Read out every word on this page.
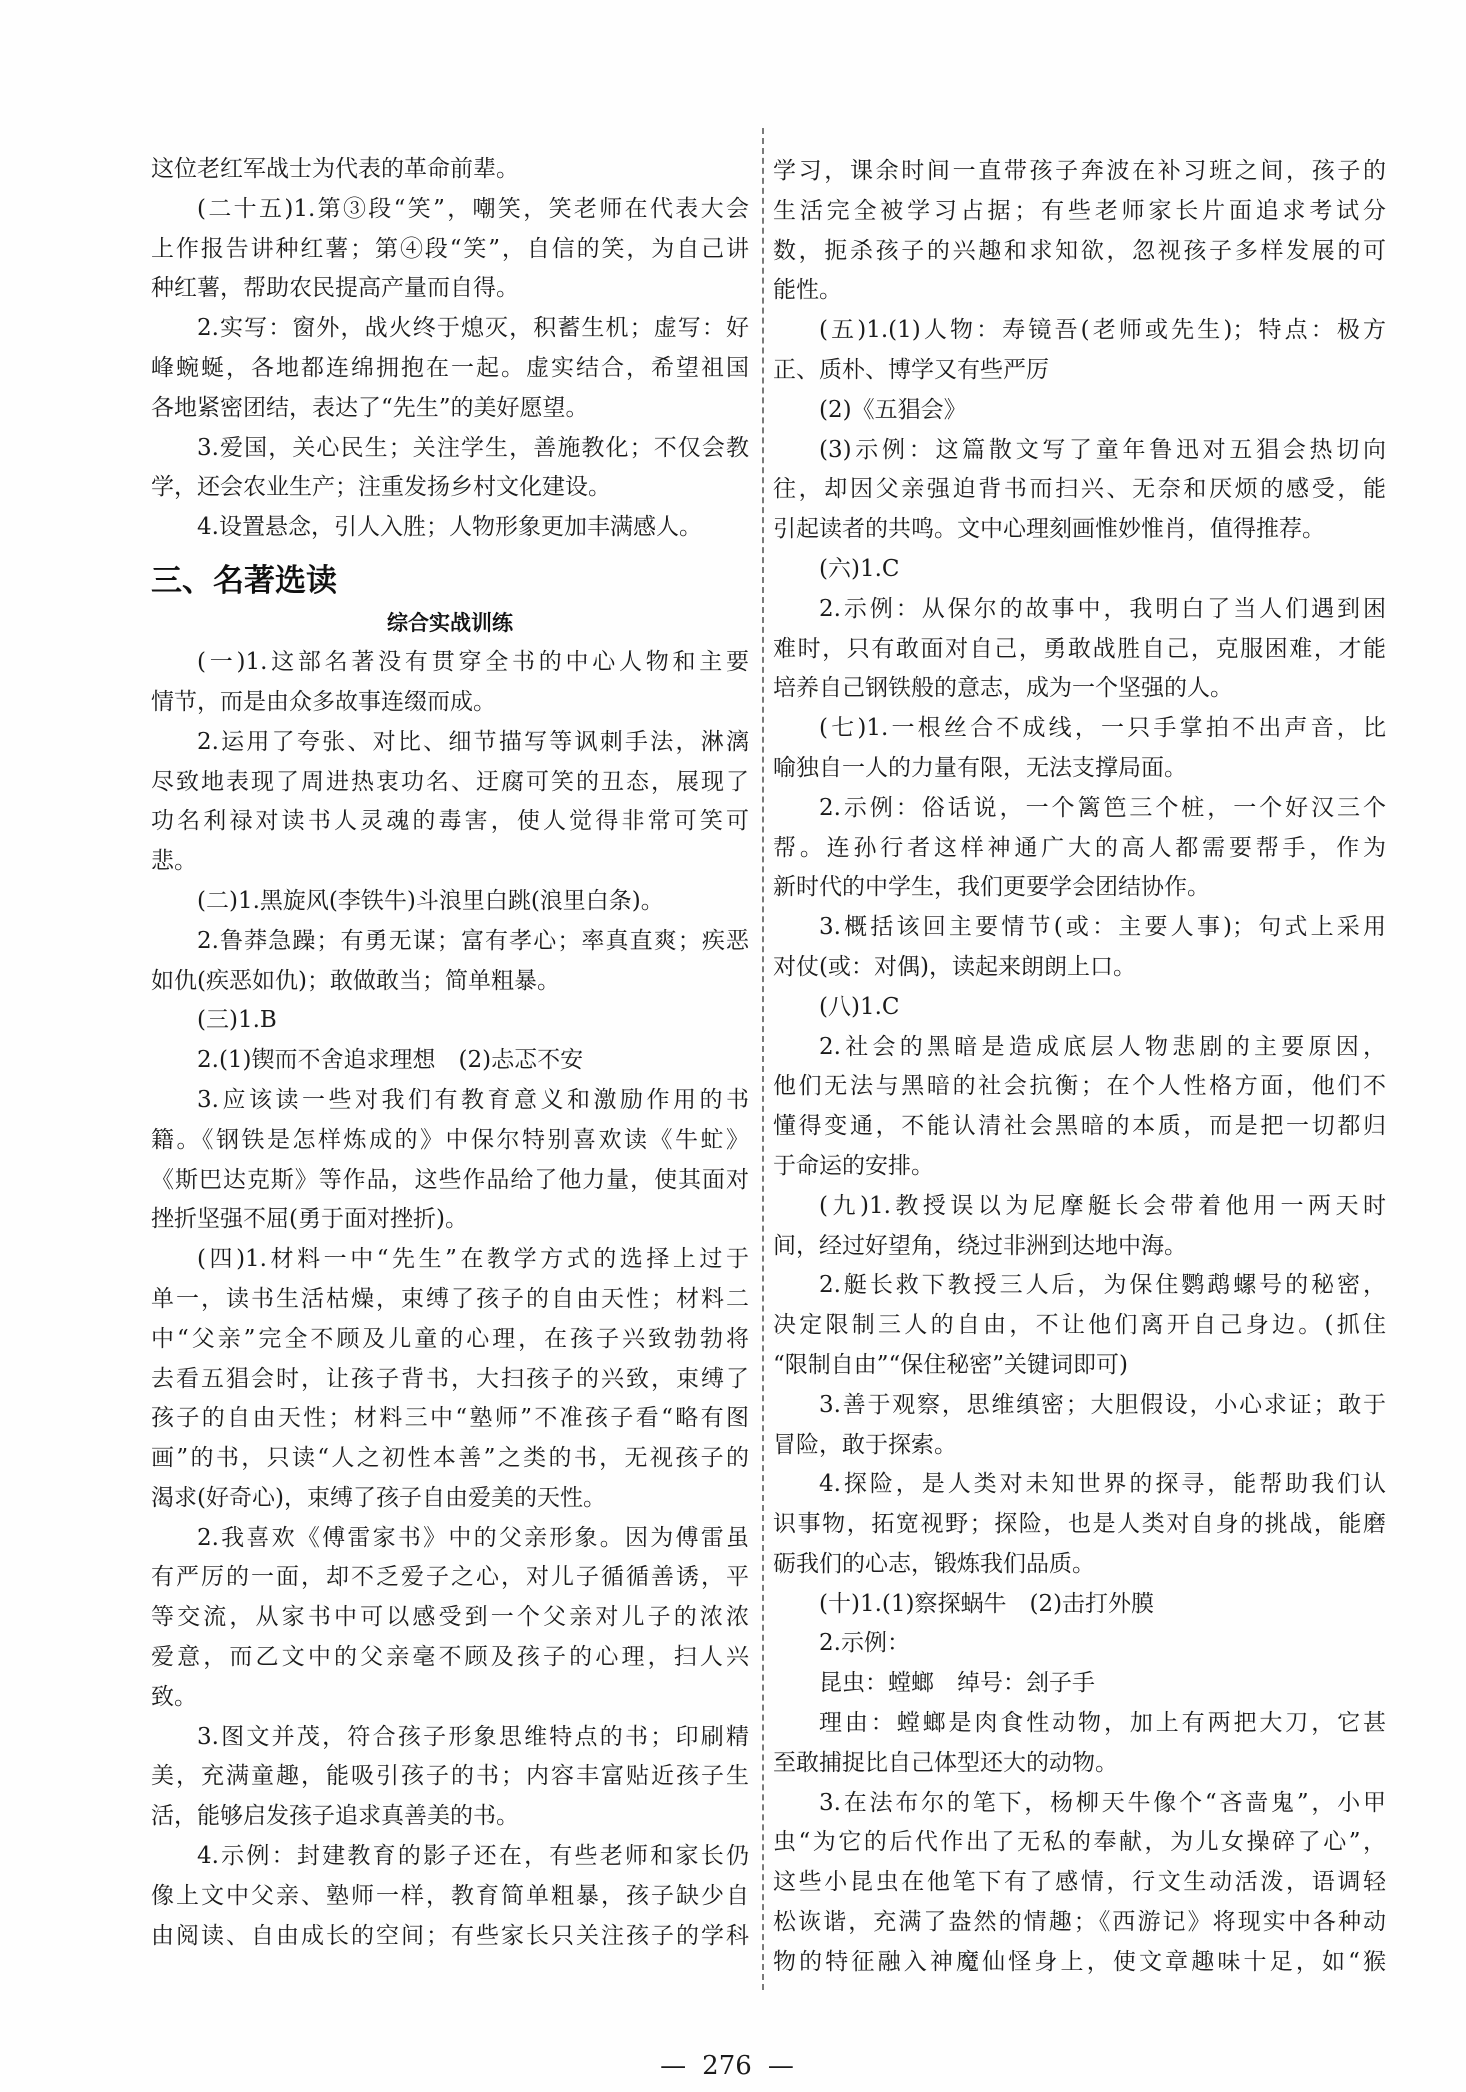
这位老红军战士为代表的革命前辈。
(二十五)1.第③段“笑”，嘲笑，笑老师在代表大会
上作报告讲种红薯；第④段“笑”，自信的笑，为自己讲
种红薯，帮助农民提高产量而自得。
2.实写：窗外，战火终于熄灭，积蓄生机；虚写：好
峰蜿蜒，各地都连绵拥抱在一起。虚实结合，希望祖国
各地紧密团结，表达了“先生”的美好愿望。
3.爱国，关心民生；关注学生，善施教化；不仅会教
学，还会农业生产；注重发扬乡村文化建设。
4.设置悬念，引人入胜；人物形象更加丰满感人。
三、名著选读
综合实战训练
(一)1.这部名著没有贯穿全书的中心人物和主要
情节，而是由众多故事连缀而成。
2.运用了夸张、对比、细节描写等讽刺手法，淋漓
尽致地表现了周进热衷功名、迂腐可笑的丑态，展现了
功名利禄对读书人灵魂的毒害，使人觉得非常可笑可
悲。
(二)1.黑旋风(李铁牛)斗浪里白跳(浪里白条)。
2.鲁莽急躁；有勇无谋；富有孝心；率真直爽；疾恶
如仇(疾恶如仇)；敢做敢当；简单粗暴。
(三)1.B
2.(1)锲而不舍追求理想　(2)忐忑不安
3.应该读一些对我们有教育意义和激励作用的书
籍。《钢铁是怎样炼成的》中保尔特别喜欢读《牛虻》
《斯巴达克斯》等作品，这些作品给了他力量，使其面对
挫折坚强不屈(勇于面对挫折)。
(四)1.材料一中“先生”在教学方式的选择上过于
单一，读书生活枯燥，束缚了孩子的自由天性；材料二
中“父亲”完全不顾及儿童的心理，在孩子兴致勃勃将
去看五猖会时，让孩子背书，大扫孩子的兴致，束缚了
孩子的自由天性；材料三中“塾师”不准孩子看“略有图
画”的书，只读“人之初性本善”之类的书，无视孩子的
渴求(好奇心)，束缚了孩子自由爱美的天性。
2.我喜欢《傅雷家书》中的父亲形象。因为傅雷虽
有严厉的一面，却不乏爱子之心，对儿子循循善诱，平
等交流，从家书中可以感受到一个父亲对儿子的浓浓
爱意，而乙文中的父亲毫不顾及孩子的心理，扫人兴
致。
3.图文并茂，符合孩子形象思维特点的书；印刷精
美，充满童趣，能吸引孩子的书；内容丰富贴近孩子生
活，能够启发孩子追求真善美的书。
4.示例：封建教育的影子还在，有些老师和家长仍
像上文中父亲、塾师一样，教育简单粗暴，孩子缺少自
由阅读、自由成长的空间；有些家长只关注孩子的学科
学习，课余时间一直带孩子奔波在补习班之间，孩子的
生活完全被学习占据；有些老师家长片面追求考试分
数，扼杀孩子的兴趣和求知欲，忽视孩子多样发展的可
能性。
(五)1.(1)人物：寿镜吾(老师或先生)；特点：极方
正、质朴、博学又有些严厉
(2)《五猖会》
(3)示例：这篇散文写了童年鲁迅对五猖会热切向
往，却因父亲强迫背书而扫兴、无奈和厌烦的感受，能
引起读者的共鸣。文中心理刻画惟妙惟肖，值得推荐。
(六)1.C
2.示例：从保尔的故事中，我明白了当人们遇到困
难时，只有敢面对自己，勇敢战胜自己，克服困难，才能
培养自己钢铁般的意志，成为一个坚强的人。
(七)1.一根丝合不成线，一只手掌拍不出声音，比
喻独自一人的力量有限，无法支撑局面。
2.示例：俗话说，一个篱笆三个桩，一个好汉三个
帮。连孙行者这样神通广大的高人都需要帮手，作为
新时代的中学生，我们更要学会团结协作。
3.概括该回主要情节(或：主要人事)；句式上采用
对仗(或：对偶)，读起来朗朗上口。
(八)1.C
2.社会的黑暗是造成底层人物悲剧的主要原因，
他们无法与黑暗的社会抗衡；在个人性格方面，他们不
懂得变通，不能认清社会黑暗的本质，而是把一切都归
于命运的安排。
(九)1.教授误以为尼摩艇长会带着他用一两天时
间，经过好望角，绕过非洲到达地中海。
2.艇长救下教授三人后，为保住鹦鹉螺号的秘密，
决定限制三人的自由，不让他们离开自己身边。(抓住
“限制自由”“保住秘密”关键词即可)
3.善于观察，思维缜密；大胆假设，小心求证；敢于
冒险，敢于探索。
4.探险，是人类对未知世界的探寻，能帮助我们认
识事物，拓宽视野；探险，也是人类对自身的挑战，能磨
砺我们的心志，锻炼我们品质。
(十)1.(1)察探蜗牛　(2)击打外膜
2.示例：
昆虫：螳螂　绰号：刽子手
理由：螳螂是肉食性动物，加上有两把大刀，它甚
至敢捕捉比自己体型还大的动物。
3.在法布尔的笔下，杨柳天牛像个“吝啬鬼”，小甲
虫“为它的后代作出了无私的奉献，为儿女操碎了心”，
这些小昆虫在他笔下有了感情，行文生动活泼，语调轻
松诙谐，充满了盎然的情趣；《西游记》将现实中各种动
物的特征融入神魔仙怪身上，使文章趣味十足，如“猴
— 276 —
